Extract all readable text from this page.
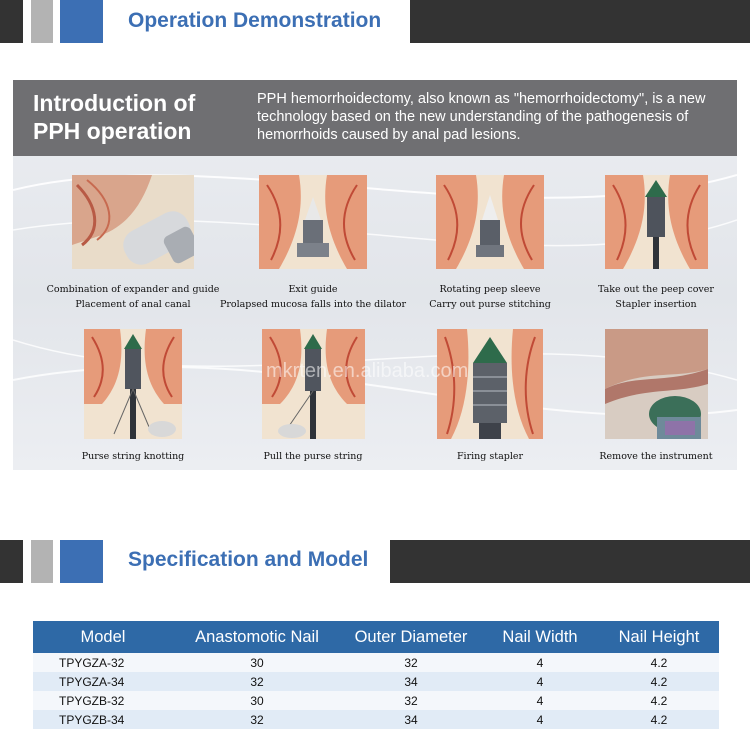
Operation Demonstration
Introduction of
PPH operation
PPH hemorrhoidectomy, also known as "hemorrhoidectomy", is a new technology based on the new understanding of the pathogenesis of hemorrhoids caused by anal pad lesions.
Combination of expander and guide
Placement of anal canal
Exit guide
Prolapsed mucosa falls into the dilator
Rotating peep sleeve
Carry out purse stitching
Take out the peep cover
Stapler insertion
Purse string knotting	Pull the purse string	Firing stapler	Remove the instrument
mkrten.en.alibaba.com
Specification and Model
Model	Anastomotic Nail	Outer Diameter	Nail Width	Nail Height
TPYGZA-32	30	32	4	4.2
TPYGZA-34	32	34	4	4.2
TPYGZB-32	30	32	4	4.2
TPYGZB-34	32	34	4	4.2
